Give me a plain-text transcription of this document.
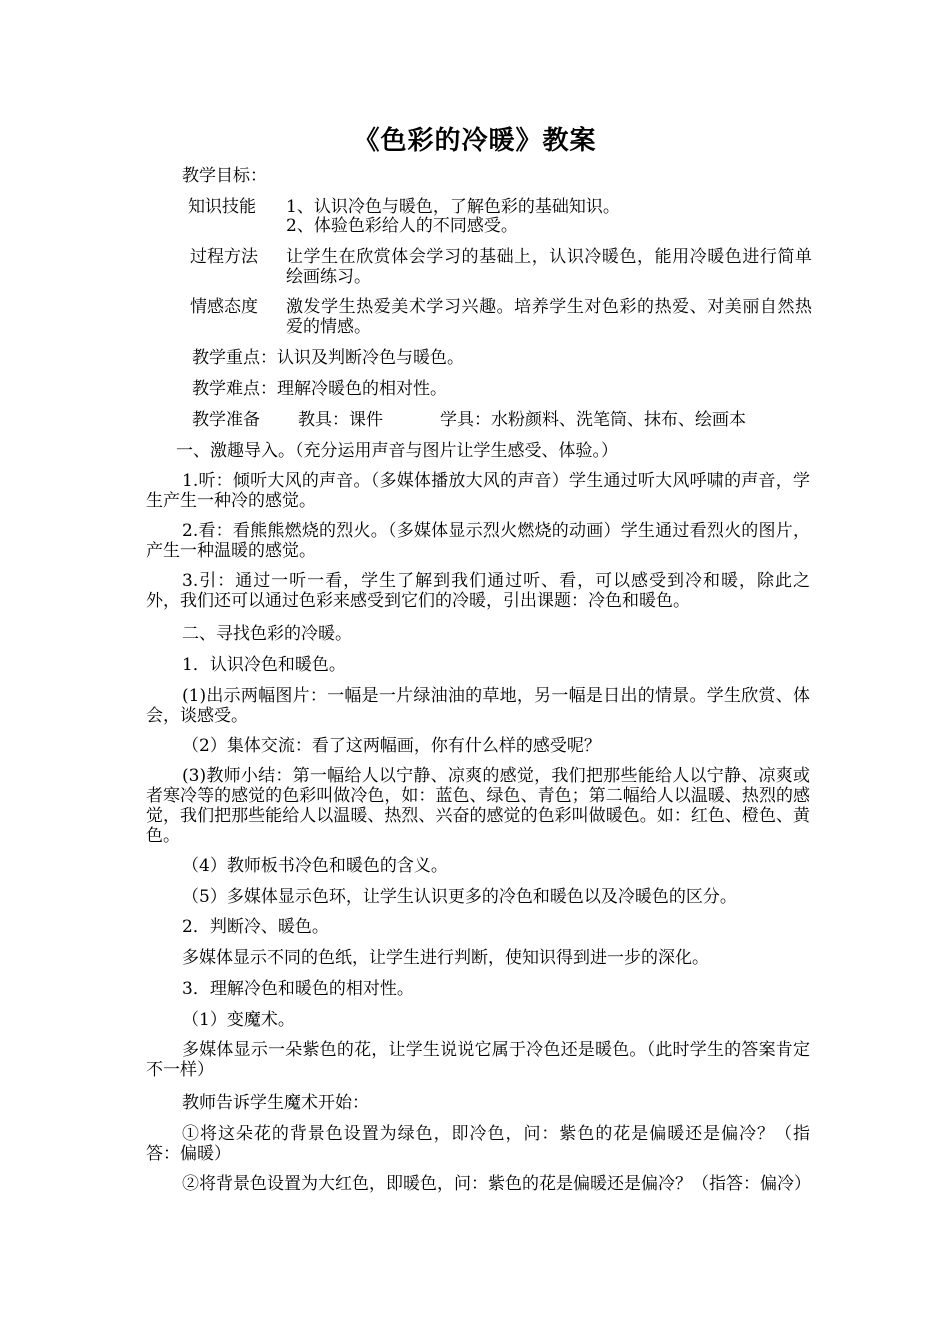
《色彩的冷暖》教案
教学目标：
知识技能 1、认识冷色与暖色，了解色彩的基础知识。
2、体验色彩给人的不同感受。
过程方法 让学生在欣赏体会学习的基础上，认识冷暖色，能用冷暖色进行简单绘画练习。
情感态度 激发学生热爱美术学习兴趣。培养学生对色彩的热爱、对美丽自然热爱的情感。
教学重点：认识及判断冷色与暖色。
教学难点：理解冷暖色的相对性。
教学准备 教具：课件	学具：水粉颜料、洗笔筒、抹布、绘画本
一、激趣导入。（充分运用声音与图片让学生感受、体验。）
1.听：倾听大风的声音。（多媒体播放大风的声音）学生通过听大风呼啸的声音，学生产生一种冷的感觉。
2.看：看熊熊燃烧的烈火。（多媒体显示烈火燃烧的动画）学生通过看烈火的图片，产生一种温暖的感觉。
3.引：通过一听一看，学生了解到我们通过听、看，可以感受到冷和暖，除此之外，我们还可以通过色彩来感受到它们的冷暖，引出课题：冷色和暖色。
二、寻找色彩的冷暖。
1．认识冷色和暖色。
(1)出示两幅图片：一幅是一片绿油油的草地，另一幅是日出的情景。学生欣赏、体会，谈感受。
（2）集体交流：看了这两幅画，你有什么样的感受呢？
(3)教师小结：第一幅给人以宁静、凉爽的感觉，我们把那些能给人以宁静、凉爽或者寒冷等的感觉的色彩叫做冷色，如：蓝色、绿色、青色；第二幅给人以温暖、热烈的感觉，我们把那些能给人以温暖、热烈、兴奋的感觉的色彩叫做暖色。如：红色、橙色、黄色。
（4）教师板书冷色和暖色的含义。
（5）多媒体显示色环，让学生认识更多的冷色和暖色以及冷暖色的区分。
2．判断冷、暖色。
多媒体显示不同的色纸，让学生进行判断，使知识得到进一步的深化。
3．理解冷色和暖色的相对性。
（1）变魔术。
多媒体显示一朵紫色的花，让学生说说它属于冷色还是暖色。（此时学生的答案肯定不一样）
教师告诉学生魔术开始：
①将这朵花的背景色设置为绿色，即冷色，问：紫色的花是偏暖还是偏冷？（指答：偏暖）
②将背景色设置为大红色，即暖色，问：紫色的花是偏暖还是偏冷？（指答：偏冷）
